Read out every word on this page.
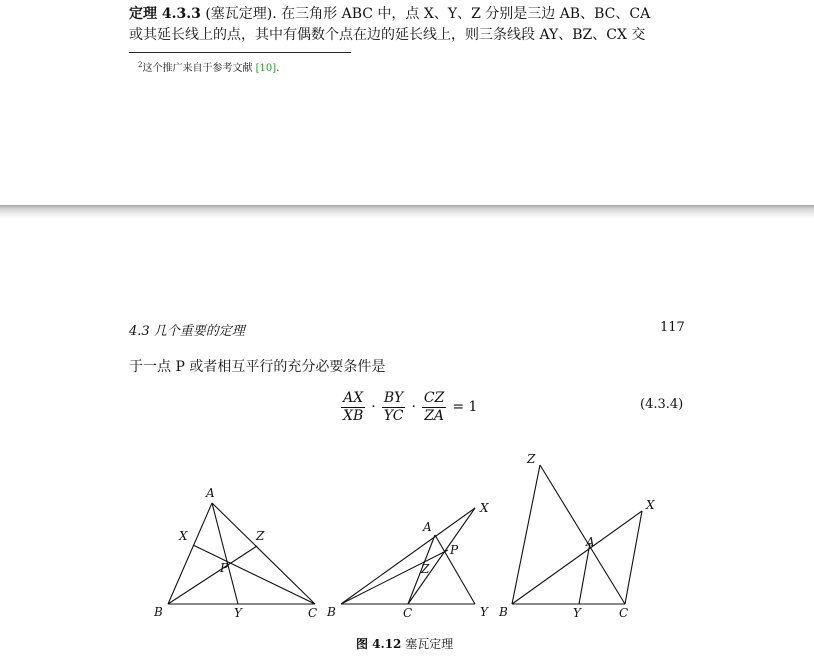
定理 4.3.3 (塞瓦定理). 在三角形 ABC 中，点 X、Y、Z 分别是三边 AB、BC、CA
或其延长线上的点，其中有偶数个点在边的延长线上，则三条线段 AY、BZ、CX 交
$^2$这个推广来自于参考文献 [10].
4.3 几个重要的定理	117
于一点 P 或者相互平行的充分必要条件是
$\frac{AX}{XB} \cdot \frac{BY}{YC} \cdot \frac{CZ}{ZA} = 1$	(4.3.4)
A
B	C
X
Y
Z
P
A
B	C
X
Y
Z
P
A
B	C
X
Y
Z
图 4.12 塞瓦定理
